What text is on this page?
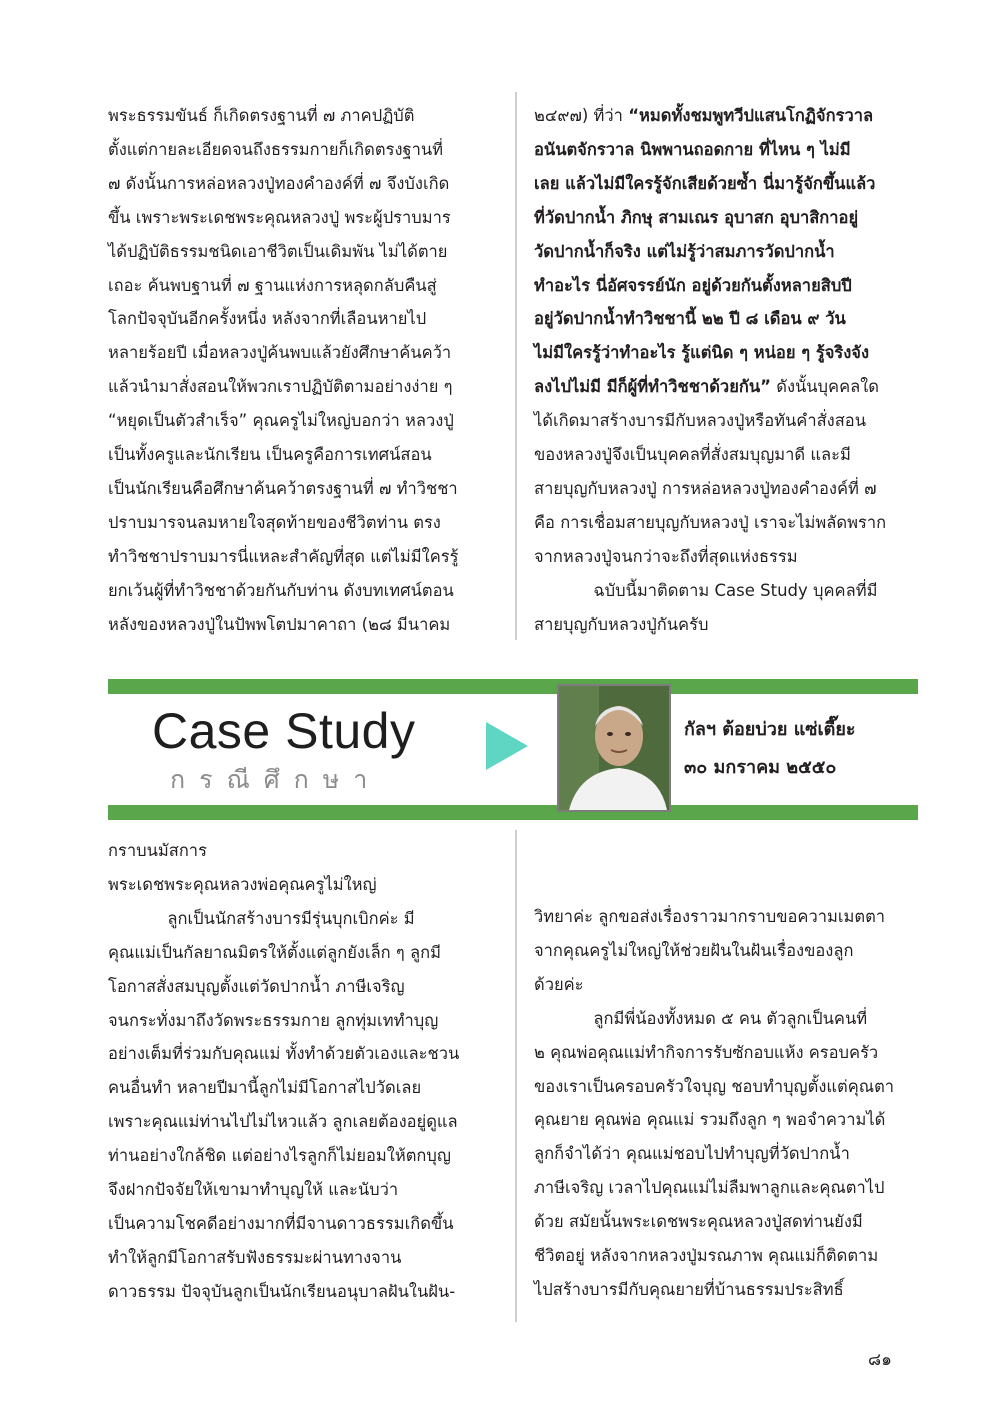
พระธรรมขันธ์ ก็เกิดตรงฐานที่ ๗ ภาคปฏิบัติ

ตั้งแต่กายละเอียดจนถึงธรรมกายก็เกิดตรงฐานที่

๗ ดังนั้นการหล่อหลวงปู่ทองคำองค์ที่ ๗ จึงบังเกิด

ขึ้น เพราะพระเดชพระคุณหลวงปู่ พระผู้ปราบมาร

ได้ปฏิบัติธรรมชนิดเอาชีวิตเป็นเดิมพัน ไม่ได้ตาย

เถอะ ค้นพบฐานที่ ๗ ฐานแห่งการหลุดกลับคืนสู่

โลกปัจจุบันอีกครั้งหนึ่ง หลังจากที่เลือนหายไป

หลายร้อยปี เมื่อหลวงปู่ค้นพบแล้วยังศึกษาค้นคว้า

แล้วนำมาสั่งสอนให้พวกเราปฏิบัติตามอย่างง่าย ๆ

“หยุดเป็นตัวสำเร็จ” คุณครูไม่ใหญ่บอกว่า หลวงปู่

เป็นทั้งครูและนักเรียน เป็นครูคือการเทศน์สอน

เป็นนักเรียนคือศึกษาค้นคว้าตรงฐานที่ ๗ ทำวิชชา

ปราบมารจนลมหายใจสุดท้ายของชีวิตท่าน ตรง

ทำวิชชาปราบมารนี่แหละสำคัญที่สุด แต่ไม่มีใครรู้

ยกเว้นผู้ที่ทำวิชชาด้วยกันกับท่าน ดังบทเทศน์ตอน

หลังของหลวงปู่ในปัพพโตปมาคาถา (๒๘ มีนาคม

๒๔๙๗) ที่ว่า “หมดทั้งชมพูทวีปแสนโกฏิจักรวาล

อนันตจักรวาล นิพพานถอดกาย ที่ไหน ๆ ไม่มี

เลย แล้วไม่มีใครรู้จักเสียด้วยซ้ำ นี่มารู้จักขึ้นแล้ว

ที่วัดปากน้ำ ภิกษุ สามเณร อุบาสก อุบาสิกาอยู่

วัดปากน้ำก็จริง แต่ไม่รู้ว่าสมภารวัดปากน้ำ

ทำอะไร นี่อัศจรรย์นัก อยู่ด้วยกันตั้งหลายสิบปี

อยู่วัดปากน้ำทำวิชชานี้ ๒๒ ปี ๘ เดือน ๙ วัน

ไม่มีใครรู้ว่าทำอะไร รู้แต่นิด ๆ หน่อย ๆ รู้จริงจัง

ลงไปไม่มี มีก็ผู้ที่ทำวิชชาด้วยกัน” ดังนั้นบุคคลใด

ได้เกิดมาสร้างบารมีกับหลวงปู่หรือทันคำสั่งสอน

ของหลวงปู่จึงเป็นบุคคลที่สั่งสมบุญมาดี และมี

สายบุญกับหลวงปู่ การหล่อหลวงปู่ทองคำองค์ที่ ๗

คือ การเชื่อมสายบุญกับหลวงปู่ เราจะไม่พลัดพราก

จากหลวงปู่จนกว่าจะถึงที่สุดแห่งธรรม

ฉบับนี้มาติดตาม Case Study บุคคลที่มี

สายบุญกับหลวงปู่กันครับ

Case Study
กรณีศึกษา
กัลฯ ต้อยบ่วย แซ่เตี๊ยะ
๓๐ มกราคม ๒๕๕๐

กราบนมัสการ

พระเดชพระคุณหลวงพ่อคุณครูไม่ใหญ่

ลูกเป็นนักสร้างบารมีรุ่นบุกเบิกค่ะ มี

คุณแม่เป็นกัลยาณมิตรให้ตั้งแต่ลูกยังเล็ก ๆ ลูกมี

โอกาสสั่งสมบุญตั้งแต่วัดปากน้ำ ภาษีเจริญ

จนกระทั่งมาถึงวัดพระธรรมกาย ลูกทุ่มเททำบุญ

อย่างเต็มที่ร่วมกับคุณแม่ ทั้งทำด้วยตัวเองและชวน

คนอื่นทำ หลายปีมานี้ลูกไม่มีโอกาสไปวัดเลย

เพราะคุณแม่ท่านไปไม่ไหวแล้ว ลูกเลยต้องอยู่ดูแล

ท่านอย่างใกล้ชิด แต่อย่างไรลูกก็ไม่ยอมให้ตกบุญ

จึงฝากปัจจัยให้เขามาทำบุญให้ และนับว่า

เป็นความโชคดีอย่างมากที่มีจานดาวธรรมเกิดขึ้น

ทำให้ลูกมีโอกาสรับฟังธรรมะผ่านทางจาน

ดาวธรรม ปัจจุบันลูกเป็นนักเรียนอนุบาลฝันในฝัน-

วิทยาค่ะ ลูกขอส่งเรื่องราวมากราบขอความเมตตา

จากคุณครูไม่ใหญ่ให้ช่วยฝันในฝันเรื่องของลูก

ด้วยค่ะ

ลูกมีพี่น้องทั้งหมด ๕ คน ตัวลูกเป็นคนที่

๒ คุณพ่อคุณแม่ทำกิจการรับซักอบแห้ง ครอบครัว

ของเราเป็นครอบครัวใจบุญ ชอบทำบุญตั้งแต่คุณตา

คุณยาย คุณพ่อ คุณแม่ รวมถึงลูก ๆ พอจำความได้

ลูกก็จำได้ว่า คุณแม่ชอบไปทำบุญที่วัดปากน้ำ

ภาษีเจริญ เวลาไปคุณแม่ไม่ลืมพาลูกและคุณตาไป

ด้วย สมัยนั้นพระเดชพระคุณหลวงปู่สดท่านยังมี

ชีวิตอยู่ หลังจากหลวงปู่มรณภาพ คุณแม่ก็ติดตาม

ไปสร้างบารมีกับคุณยายที่บ้านธรรมประสิทธิ์

๘๑
